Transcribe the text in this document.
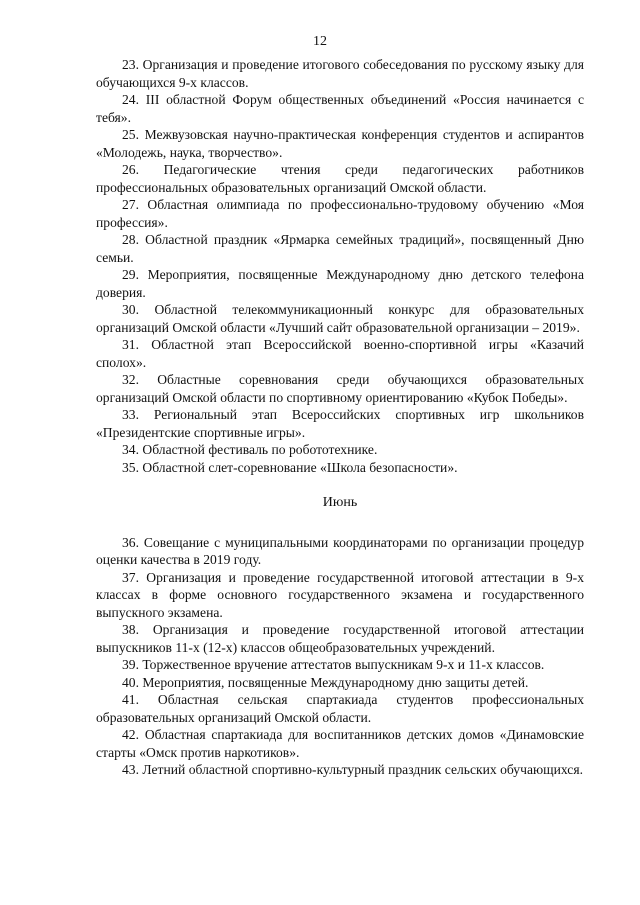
12

23. Организация и проведение итогового собеседования по русскому языку для обучающихся 9-х классов.

24. III областной Форум общественных объединений «Россия начинается с тебя».

25. Межвузовская научно-практическая конференция студентов и аспирантов «Молодежь, наука, творчество».

26. Педагогические чтения среди педагогических работников профессиональных образовательных организаций Омской области.

27. Областная олимпиада по профессионально-трудовому обучению «Моя профессия».

28. Областной праздник «Ярмарка семейных традиций», посвященный Дню семьи.

29. Мероприятия, посвященные Международному дню детского телефона доверия.

30. Областной телекоммуникационный конкурс для образовательных организаций Омской области «Лучший сайт образовательной организации – 2019».

31. Областной этап Всероссийской военно-спортивной игры «Казачий сполох».

32. Областные соревнования среди обучающихся образовательных организаций Омской области по спортивному ориентированию «Кубок Победы».

33. Региональный этап Всероссийских спортивных игр школьников «Президентские спортивные игры».

34. Областной фестиваль по робототехнике.

35. Областной слет-соревнование «Школа безопасности».

Июнь

36. Совещание с муниципальными координаторами по организации процедур оценки качества в 2019 году.

37. Организация и проведение государственной итоговой аттестации в 9-х классах в форме основного государственного экзамена и государственного выпускного экзамена.

38. Организация и проведение государственной итоговой аттестации выпускников 11-х (12-х) классов общеобразовательных учреждений.

39. Торжественное вручение аттестатов выпускникам 9-х и 11-х классов.

40. Мероприятия, посвященные Международному дню защиты детей.

41. Областная сельская спартакиада студентов профессиональных образовательных организаций Омской области.

42. Областная спартакиада для воспитанников детских домов «Динамовские старты «Омск против наркотиков».

43. Летний областной спортивно-культурный праздник сельских обучающихся.
